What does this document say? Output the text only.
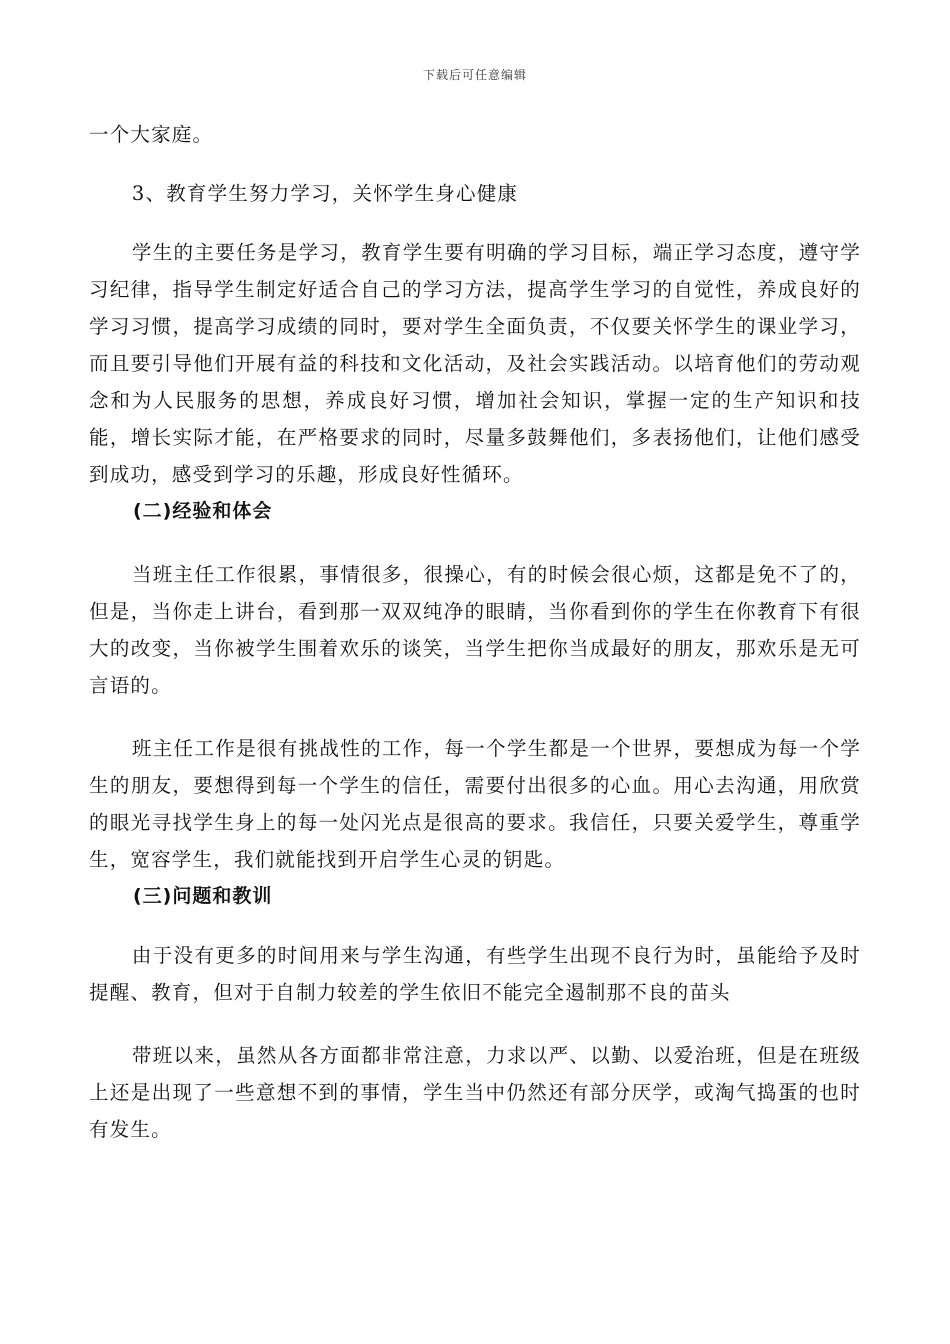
下载后可任意编辑

一个大家庭。

3、教育学生努力学习，关怀学生身心健康

学生的主要任务是学习，教育学生要有明确的学习目标，端正学习态度，遵守学习纪律，指导学生制定好适合自己的学习方法，提高学生学习的自觉性，养成良好的学习习惯，提高学习成绩的同时，要对学生全面负责，不仅要关怀学生的课业学习，而且要引导他们开展有益的科技和文化活动，及社会实践活动。以培育他们的劳动观念和为人民服务的思想，养成良好习惯，增加社会知识，掌握一定的生产知识和技能，增长实际才能，在严格要求的同时，尽量多鼓舞他们，多表扬他们，让他们感受到成功，感受到学习的乐趣，形成良好性循环。

(二)经验和体会

当班主任工作很累，事情很多，很操心，有的时候会很心烦，这都是免不了的，但是，当你走上讲台，看到那一双双纯净的眼睛，当你看到你的学生在你教育下有很大的改变，当你被学生围着欢乐的谈笑，当学生把你当成最好的朋友，那欢乐是无可言语的。

班主任工作是很有挑战性的工作，每一个学生都是一个世界，要想成为每一个学生的朋友，要想得到每一个学生的信任，需要付出很多的心血。用心去沟通，用欣赏的眼光寻找学生身上的每一处闪光点是很高的要求。我信任，只要关爱学生，尊重学生，宽容学生，我们就能找到开启学生心灵的钥匙。

(三)问题和教训

由于没有更多的时间用来与学生沟通，有些学生出现不良行为时，虽能给予及时提醒、教育，但对于自制力较差的学生依旧不能完全遏制那不良的苗头

带班以来，虽然从各方面都非常注意，力求以严、以勤、以爱治班，但是在班级上还是出现了一些意想不到的事情，学生当中仍然还有部分厌学，或淘气捣蛋的也时有发生。
